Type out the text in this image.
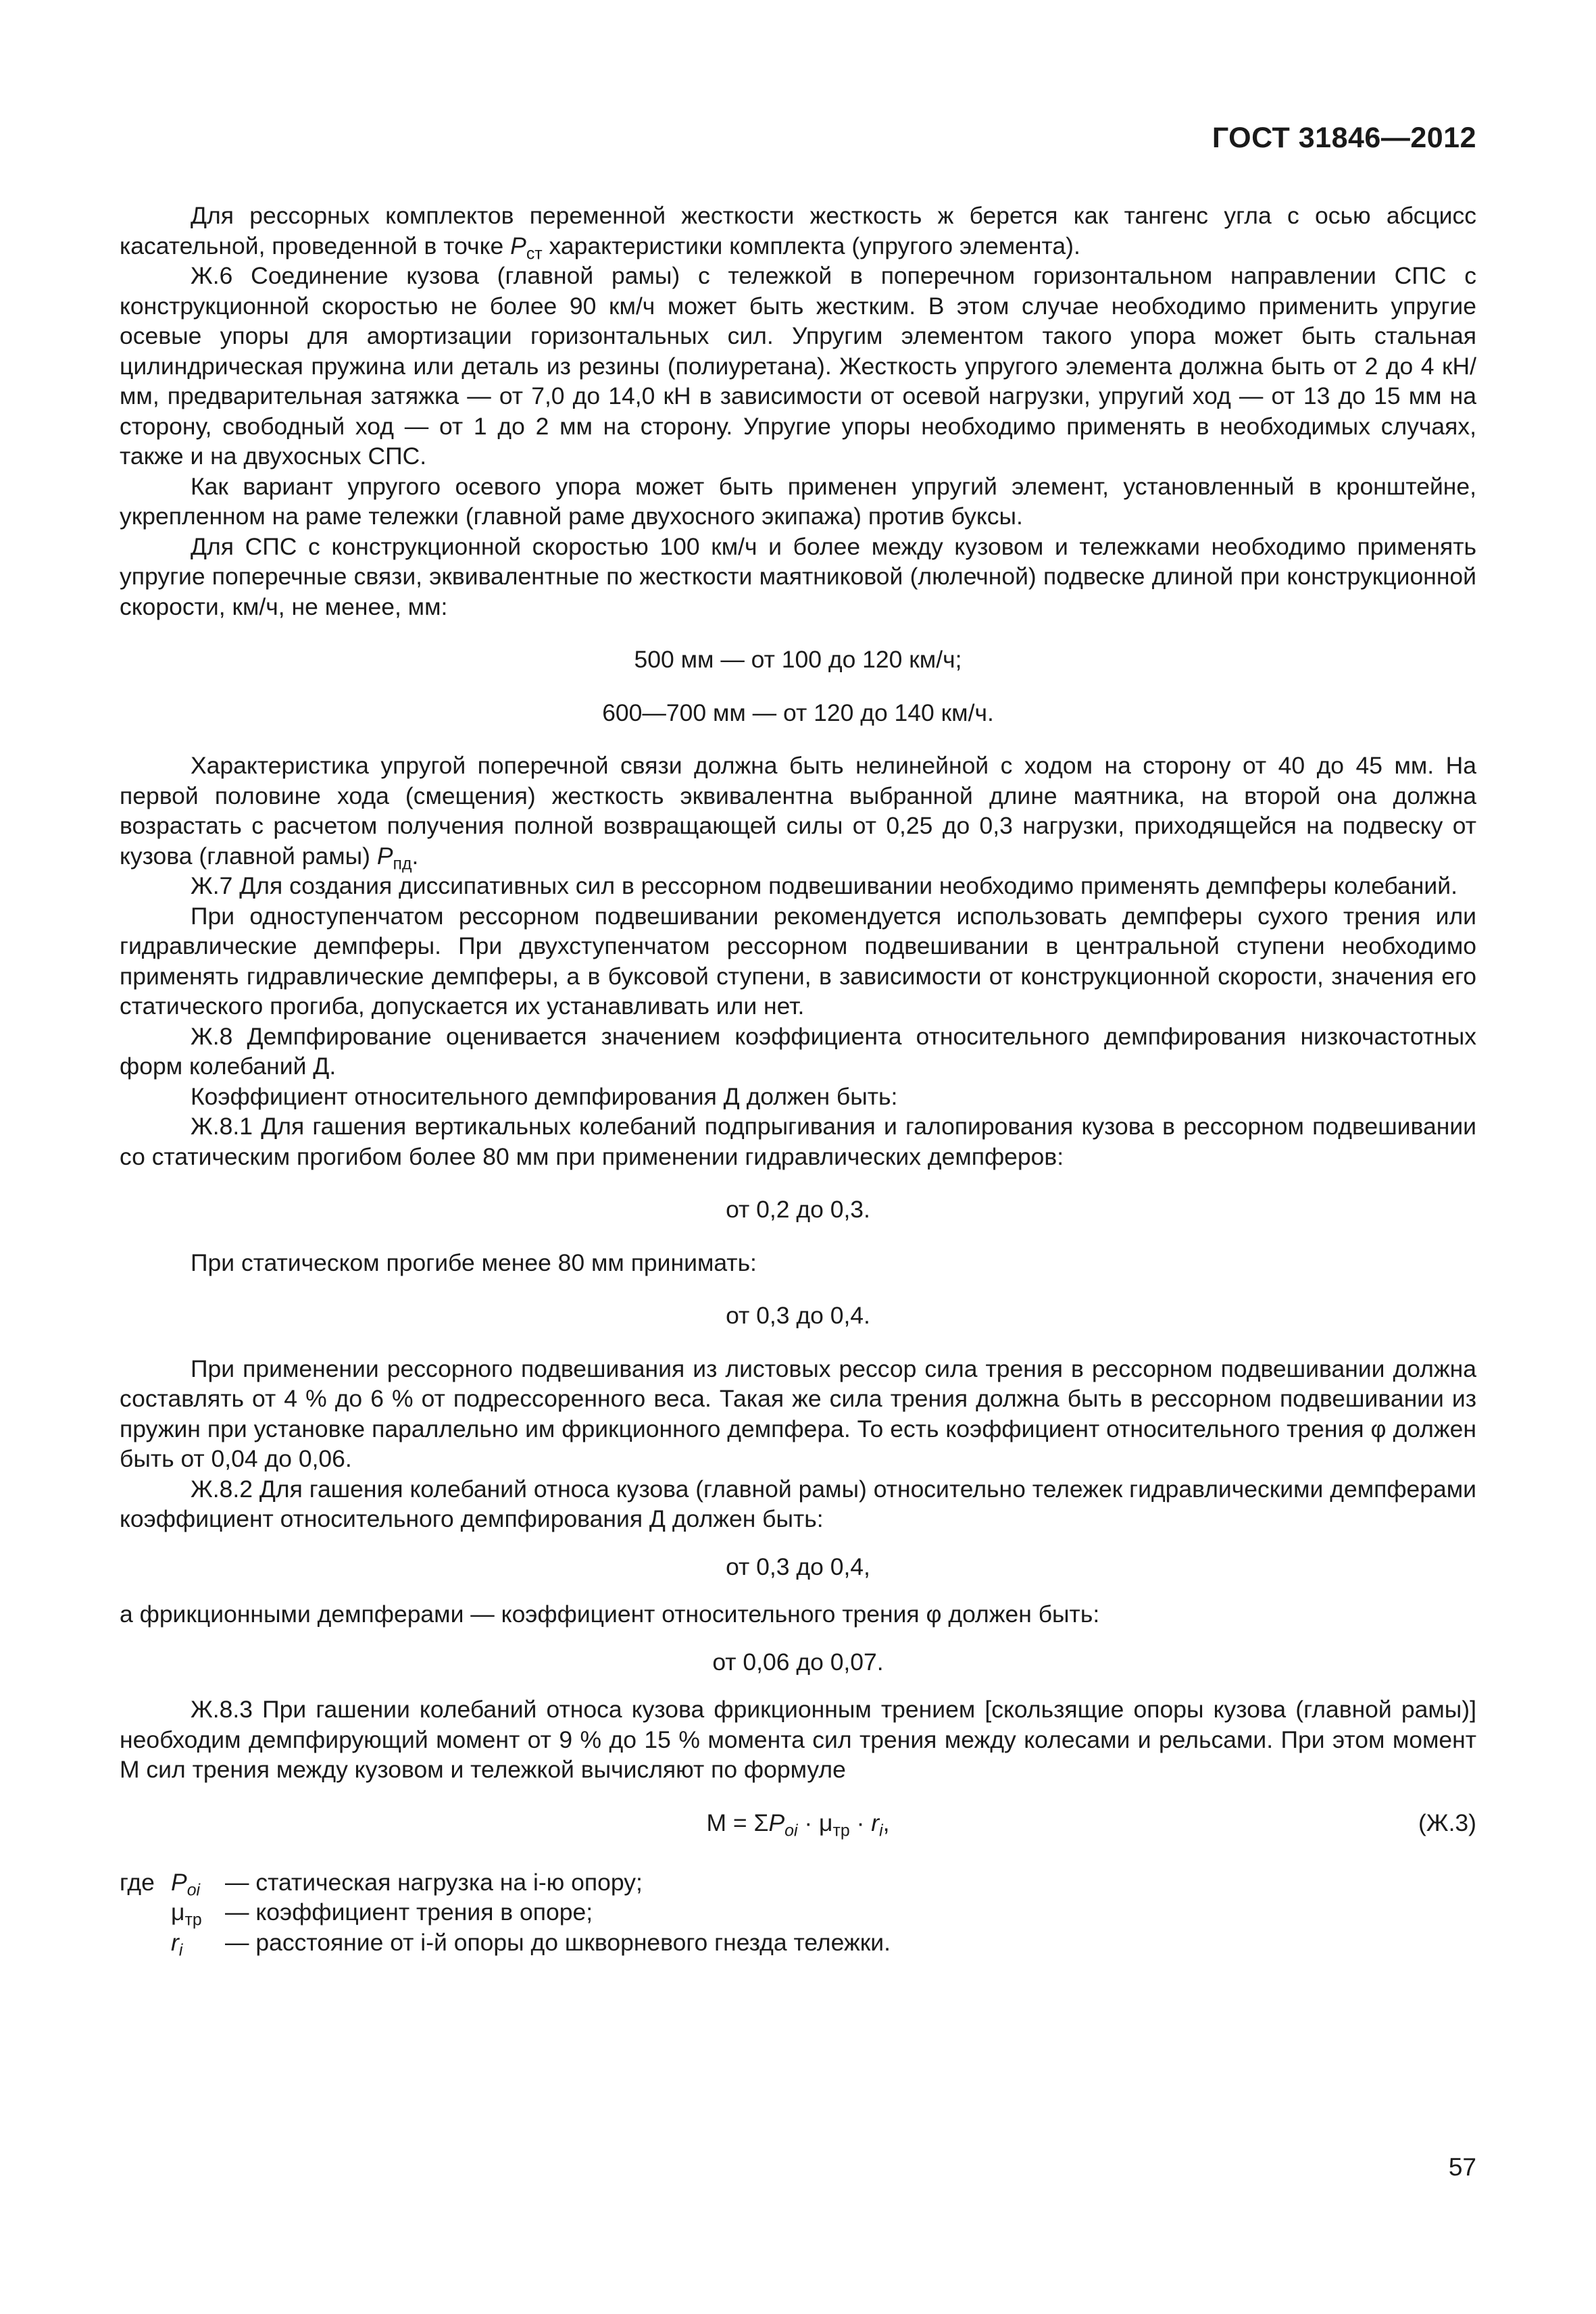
ГОСТ 31846—2012

Для рессорных комплектов переменной жесткости жесткость ж берется как тангенс угла с осью абсцисс касательной, проведенной в точке $P_{ст}$ характеристики комплекта (упругого элемента).

Ж.6 Соединение кузова (главной рамы) с тележкой в поперечном горизонтальном направлении СПС с конструкционной скоростью не более 90 км/ч может быть жестким. В этом случае необходимо применить упругие осевые упоры для амортизации горизонтальных сил. Упругим элементом такого упора может быть стальная цилиндрическая пружина или деталь из резины (полиуретана). Жесткость упругого элемента должна быть от 2 до 4 кН/мм, предварительная затяжка — от 7,0 до 14,0 кН в зависимости от осевой нагрузки, упругий ход — от 13 до 15 мм на сторону, свободный ход — от 1 до 2 мм на сторону. Упругие упоры необходимо применять в необходимых случаях, также и на двухосных СПС.

Как вариант упругого осевого упора может быть применен упругий элемент, установленный в кронштейне, укрепленном на раме тележки (главной раме двухосного экипажа) против буксы.

Для СПС с конструкционной скоростью 100 км/ч и более между кузовом и тележками необходимо применять упругие поперечные связи, эквивалентные по жесткости маятниковой (люлечной) подвеске длиной при конструкционной скорости, км/ч, не менее, мм:

500 мм — от 100 до 120 км/ч;

600—700 мм — от 120 до 140 км/ч.

Характеристика упругой поперечной связи должна быть нелинейной с ходом на сторону от 40 до 45 мм. На первой половине хода (смещения) жесткость эквивалентна выбранной длине маятника, на второй она должна возрастать с расчетом получения полной возвращающей силы от 0,25 до 0,3 нагрузки, приходящейся на подвеску от кузова (главной рамы) $P_{пд}$.

Ж.7 Для создания диссипативных сил в рессорном подвешивании необходимо применять демпферы колебаний.

При одноступенчатом рессорном подвешивании рекомендуется использовать демпферы сухого трения или гидравлические демпферы. При двухступенчатом рессорном подвешивании в центральной ступени необходимо применять гидравлические демпферы, а в буксовой ступени, в зависимости от конструкционной скорости, значения его статического прогиба, допускается их устанавливать или нет.

Ж.8 Демпфирование оценивается значением коэффициента относительного демпфирования низкочастотных форм колебаний Д.

Коэффициент относительного демпфирования Д должен быть:

Ж.8.1 Для гашения вертикальных колебаний подпрыгивания и галопирования кузова в рессорном подвешивании со статическим прогибом более 80 мм при применении гидравлических демпферов:

от 0,2 до 0,3.

При статическом прогибе менее 80 мм принимать:

от 0,3 до 0,4.

При применении рессорного подвешивания из листовых рессор сила трения в рессорном подвешивании должна составлять от 4 % до 6 % от подрессоренного веса. Такая же сила трения должна быть в рессорном подвешивании из пружин при установке параллельно им фрикционного демпфера. То есть коэффициент относительного трения φ должен быть от 0,04 до 0,06.

Ж.8.2 Для гашения колебаний относа кузова (главной рамы) относительно тележек гидравлическими демпферами коэффициент относительного демпфирования Д должен быть:

от 0,3 до 0,4,

а фрикционными демпферами — коэффициент относительного трения φ должен быть:

от 0,06 до 0,07.

Ж.8.3 При гашении колебаний относа кузова фрикционным трением [скользящие опоры кузова (главной рамы)] необходим демпфирующий момент от 9 % до 15 % момента сил трения между колесами и рельсами. При этом момент М сил трения между кузовом и тележкой вычисляют по формуле

$M = \Sigma P_{oi} \cdot \mu_{тр} \cdot r_i$,	(Ж.3)
где $P_{oi}$	— статическая нагрузка на i-ю опору;
$\mu_{тр}$ — коэффициент трения в опоре;
$r_i$	— расстояние от i-й опоры до шкворневого гнезда тележки.
57
